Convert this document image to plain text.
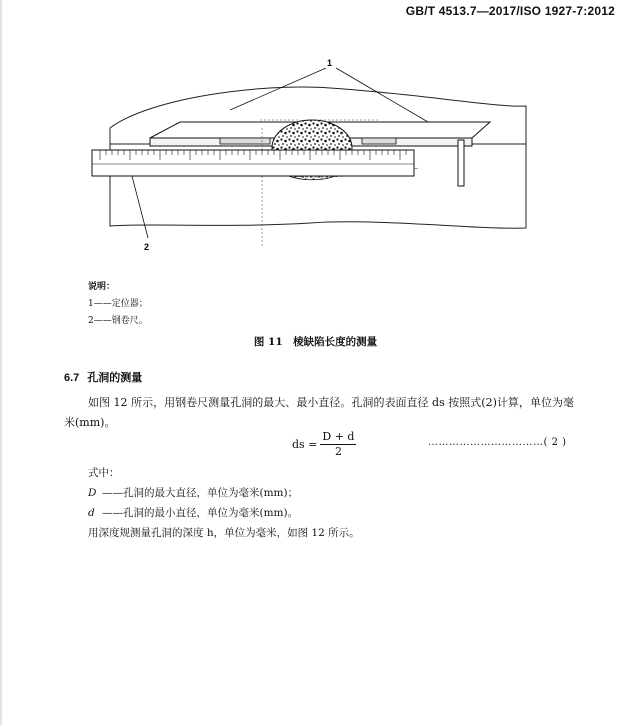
GB/T 4513.7—2017/ISO 1927-7:2012
1
2
说明：
1——定位器；
2——钢卷尺。
图 11　棱缺陷长度的测量
6.7 孔洞的测量
如图 12 所示，用钢卷尺测量孔洞的最大、最小直径。孔洞的表面直径 ds 按照式(2)计算，单位为毫米(mm)。
ds = $\frac{D + d}{2}$	……………………………( 2 )
式中：
D ——孔洞的最大直径，单位为毫米(mm)；
d ——孔洞的最小直径，单位为毫米(mm)。
用深度规测量孔洞的深度 h，单位为毫米，如图 12 所示。
